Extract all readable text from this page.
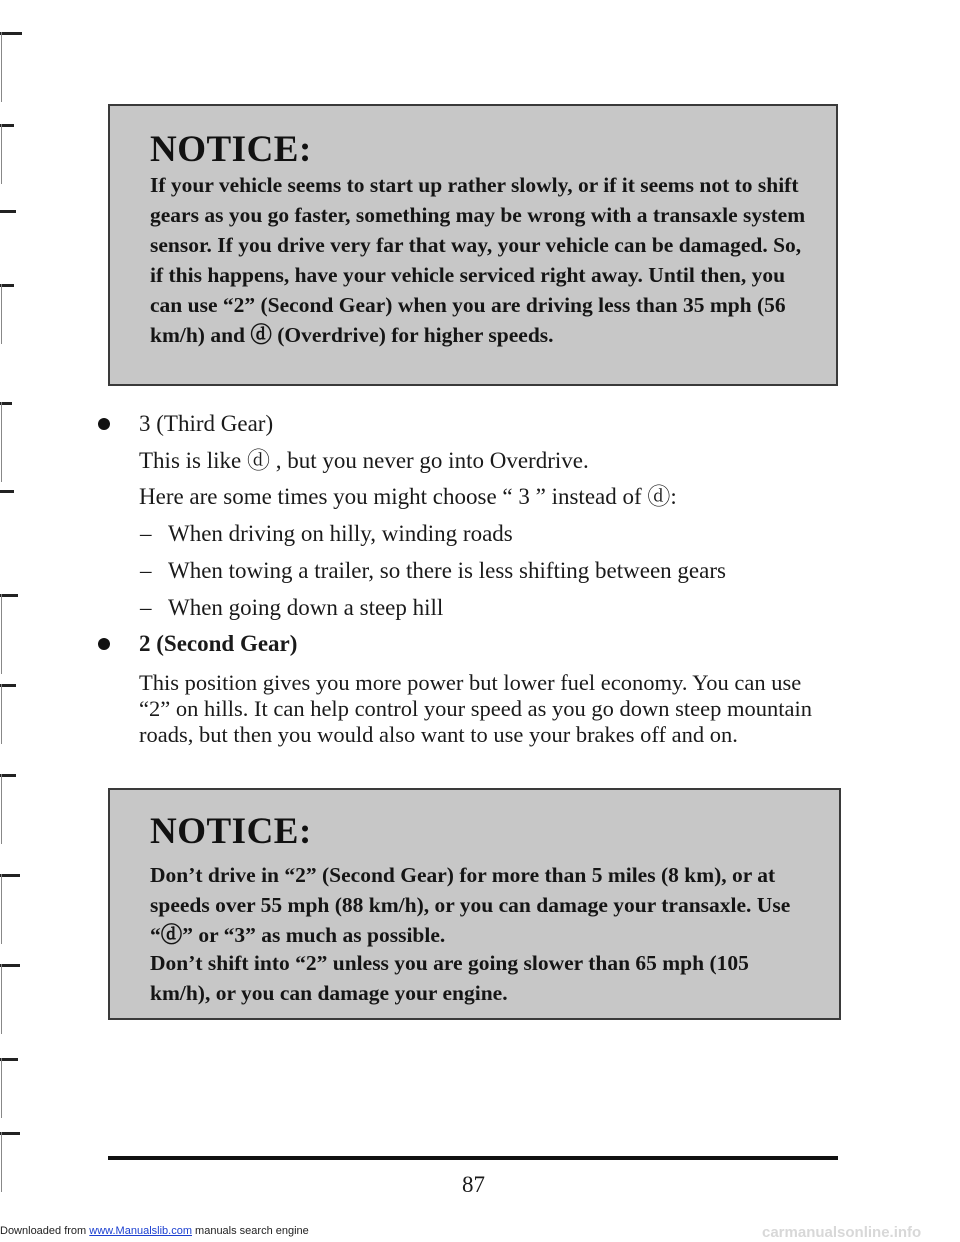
NOTICE:

If your vehicle seems to start up rather slowly, or if it seems not to shift gears as you go faster, something may be wrong with a transaxle system sensor. If you drive very far that way, your vehicle can be damaged. So, if this happens, have your vehicle serviced right away. Until then, you can use “2” (Second Gear) when you are driving less than 35 mph (56 km/h) and ⓓ (Overdrive) for higher speeds.

3 (Third Gear)

This is like ⓓ , but you never go into Overdrive.

Here are some times you might choose “ 3 ” instead of ⓓ:

– When driving on hilly, winding roads

– When towing a trailer, so there is less shifting between gears

– When going down a steep hill

2 (Second Gear)

This position gives you more power but lower fuel economy. You can use “2” on hills. It can help control your speed as you go down steep mountain roads, but then you would also want to use your brakes off and on.

NOTICE:

Don’t drive in “2” (Second Gear) for more than 5 miles (8 km), or at speeds over 55 mph (88 km/h), or you can damage your transaxle. Use “ⓓ” or “3” as much as possible.

Don’t shift into “2” unless you are going slower than 65 mph (105 km/h), or you can damage your engine.

87
Downloaded from www.Manualslib.com manuals search engine	carmanualsonline.info
